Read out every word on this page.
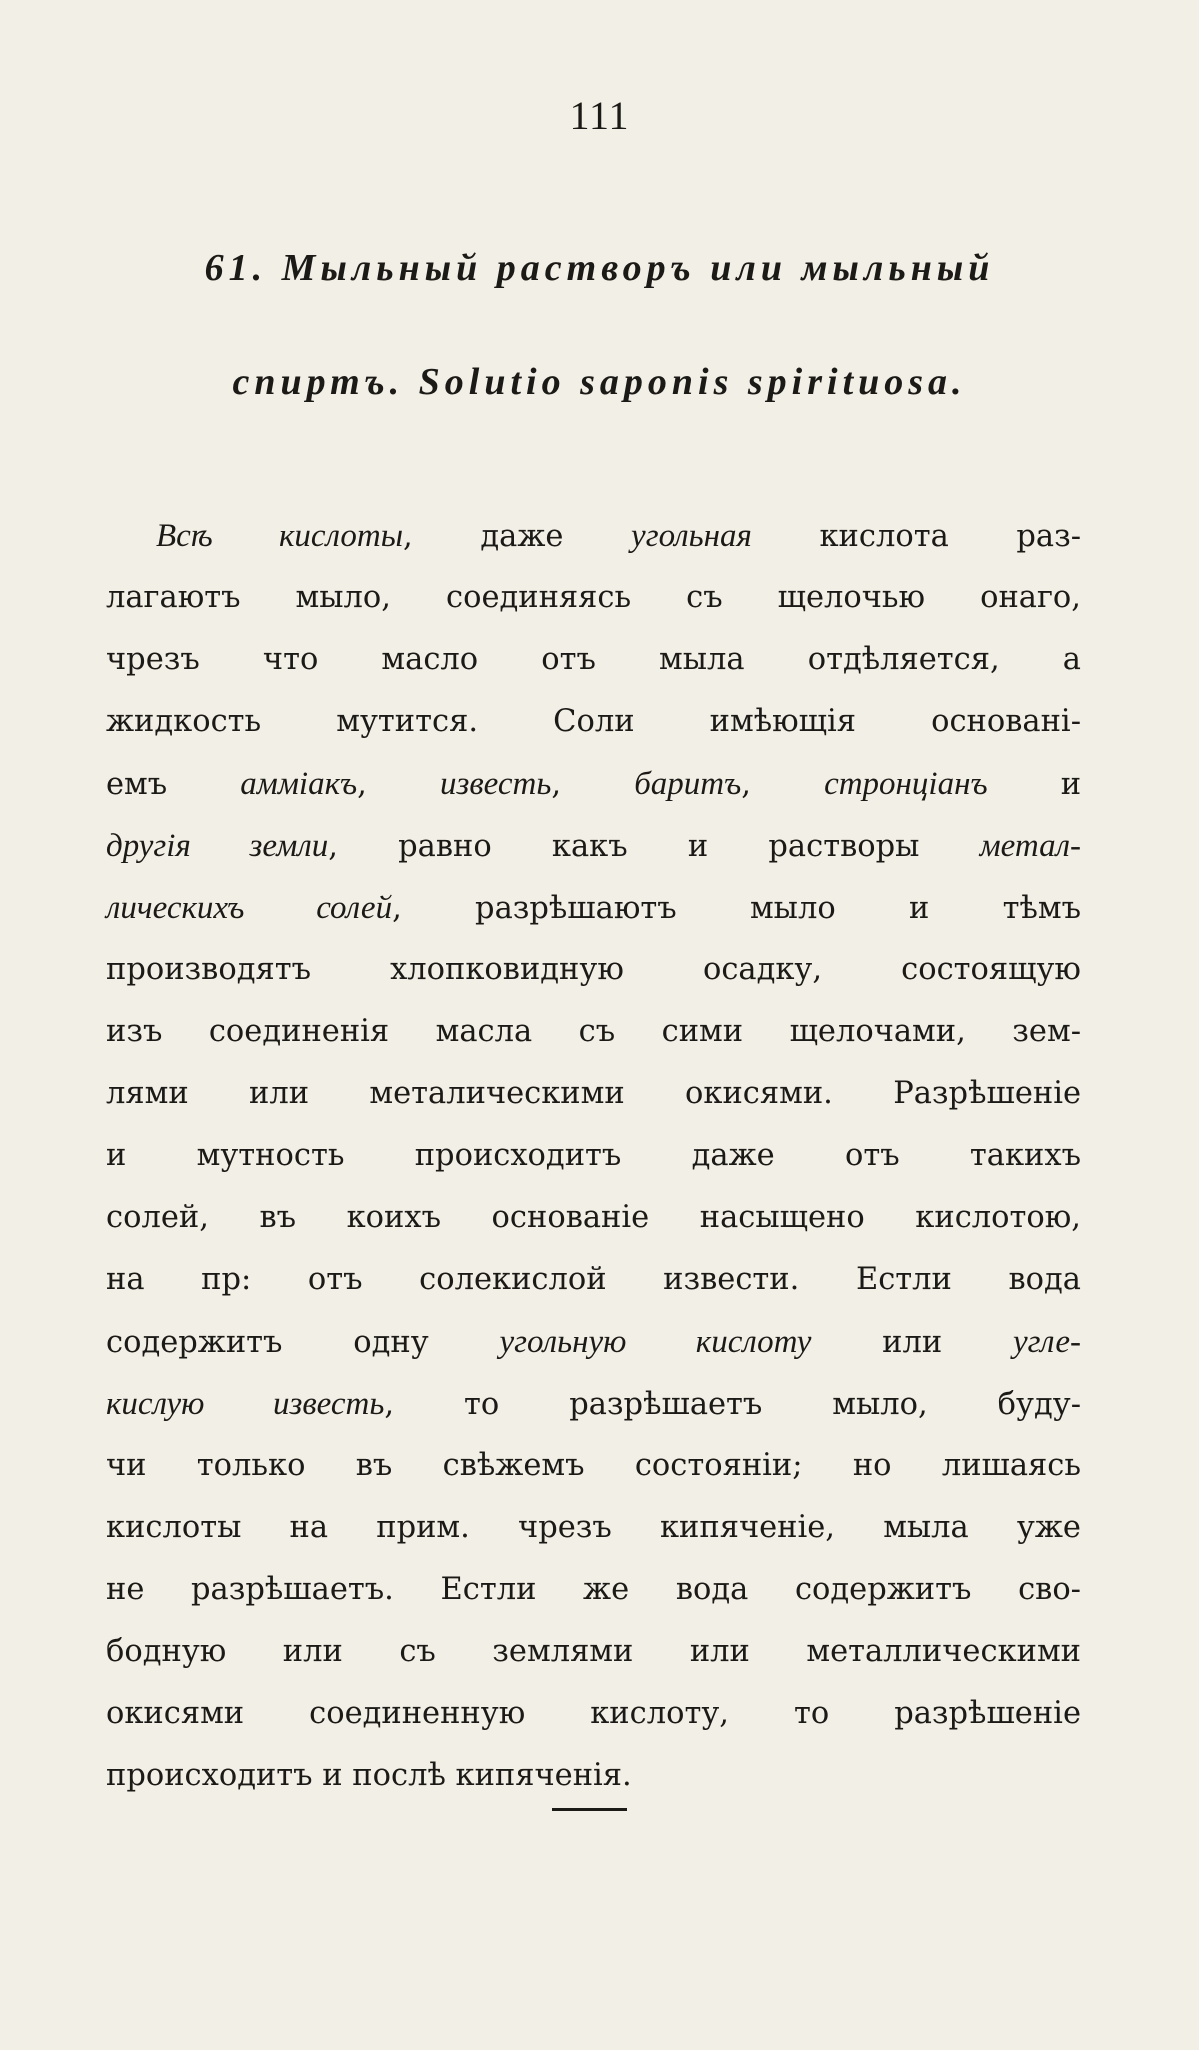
111
61. Мыльный растворъ или мыльный
спиртъ. Solutio saponis spirituosa.
Всѣ кислоты, даже угольная кислота раз-
лагаютъ мыло, соединяясь съ щелочью онаго,
чрезъ что масло отъ мыла отдѣляется, а
жидкость мутится. Соли имѣющія основані-
емъ аммiакъ, известь, баритъ, стронцiанъ и
другiя земли, равно какъ и растворы метал-
лическихъ солей, разрѣшаютъ мыло и тѣмъ
производятъ хлопковидную осадку, состоящую
изъ соединенія масла съ сими щелочами, зем-
лями или металическими окисями. Разрѣшеніе
и мутность происходитъ даже отъ такихъ
солей, въ коихъ основаніе насыщено кислотою,
на пр: отъ солекислой извести. Естли вода
содержитъ одну угольную кислоту или угле-
кислую известь, то разрѣшаетъ мыло, буду-
чи только въ свѣжемъ состояніи; но лишаясь
кислоты на прим. чрезъ кипяченіе, мыла уже
не разрѣшаетъ. Естли же вода содержитъ сво-
бодную или съ землями или металлическими
окисями соединенную кислоту, то разрѣшеніе
происходитъ и послѣ кипяченія.
